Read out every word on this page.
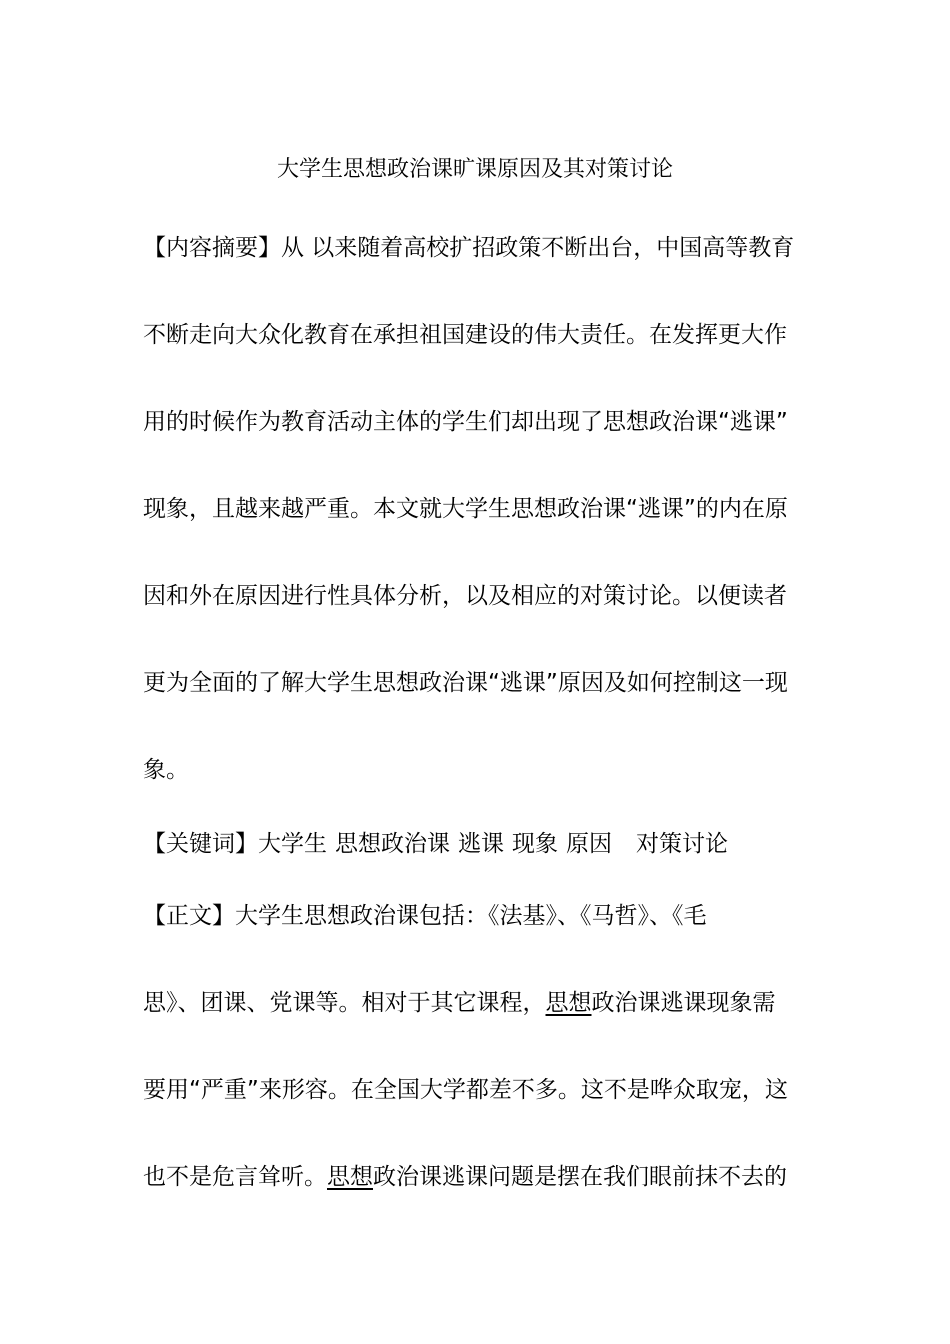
大学生思想政治课旷课原因及其对策讨论
【内容摘要】从 以来随着高校扩招政策不断出台，中国高等教育
不断走向大众化教育在承担祖国建设的伟大责任。在发挥更大作
用的时候作为教育活动主体的学生们却出现了思想政治课“逃课”
现象，且越来越严重。本文就大学生思想政治课“逃课”的内在原
因和外在原因进行性具体分析，以及相应的对策讨论。以便读者
更为全面的了解大学生思想政治课“逃课”原因及如何控制这一现
象。
【关键词】大学生 思想政治课 逃课 现象 原因 对策讨论
【正文】大学生思想政治课包括：《法基》、《马哲》、《毛
思》、团课、党课等。相对于其它课程，思想政治课逃课现象需
要用“严重”来形容。在全国大学都差不多。这不是哗众取宠，这
也不是危言耸听。思想政治课逃课问题是摆在我们眼前抹不去的
